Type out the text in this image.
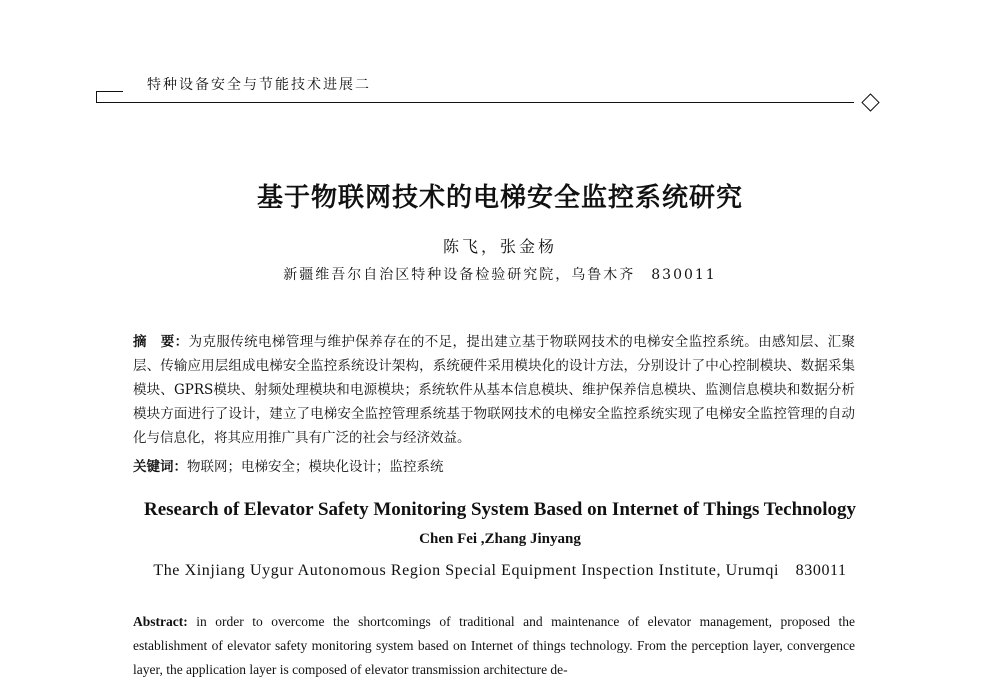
特种设备安全与节能技术进展二
基于物联网技术的电梯安全监控系统研究
陈飞，张金杨
新疆维吾尔自治区特种设备检验研究院，乌鲁木齐　830011
摘　要：为克服传统电梯管理与维护保养存在的不足，提出建立基于物联网技术的电梯安全监控系统。由感知层、汇聚层、传输应用层组成电梯安全监控系统设计架构，系统硬件采用模块化的设计方法，分别设计了中心控制模块、数据采集模块、GPRS模块、射频处理模块和电源模块；系统软件从基本信息模块、维护保养信息模块、监测信息模块和数据分析模块方面进行了设计，建立了电梯安全监控管理系统基于物联网技术的电梯安全监控系统实现了电梯安全监控管理的自动化与信息化，将其应用推广具有广泛的社会与经济效益。
关键词：物联网；电梯安全；模块化设计；监控系统
Research of Elevator Safety Monitoring System Based on Internet of Things Technology
Chen Fei ,Zhang Jinyang
The Xinjiang Uygur Autonomous Region Special Equipment Inspection Institute, Urumqi　830011
Abstract: in order to overcome the shortcomings of traditional and maintenance of elevator management, proposed the establishment of elevator safety monitoring system based on Internet of things technology. From the perception layer, convergence layer, the application layer is composed of elevator transmission architecture de-
